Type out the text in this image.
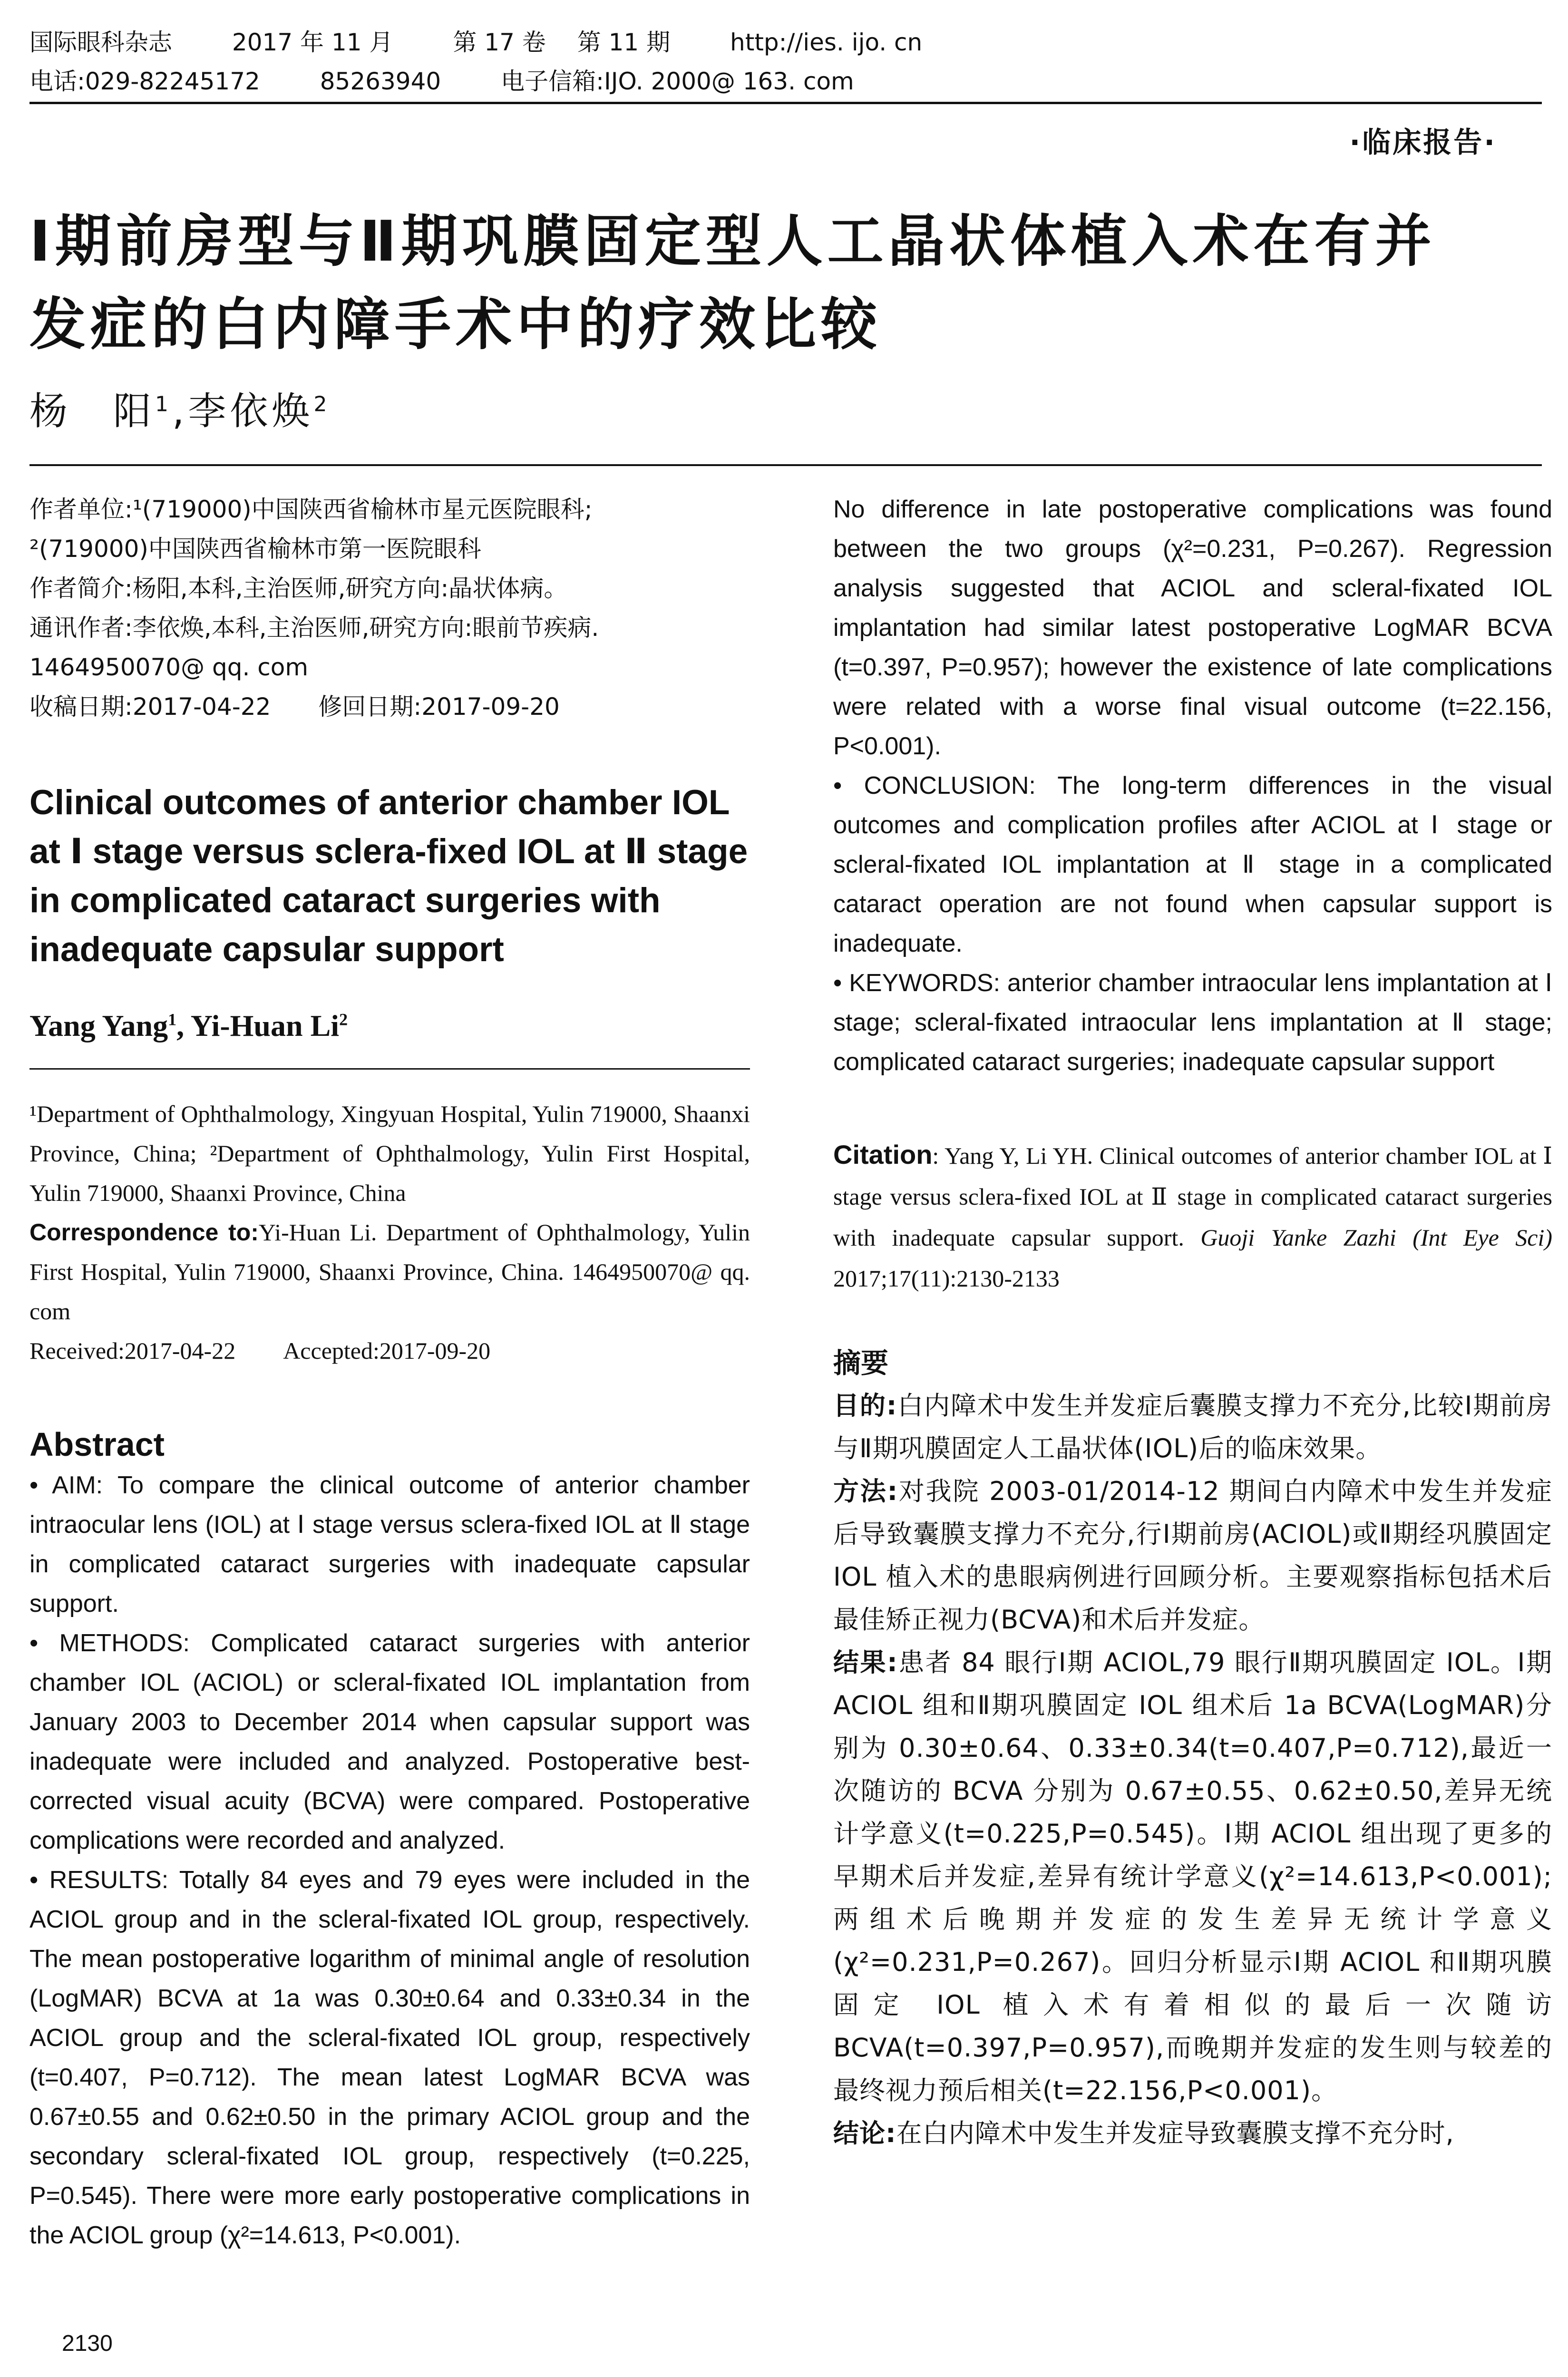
国际眼科杂志	2017 年 11 月	第 17 卷 第 11 期	http://ies. ijo. cn
电话:029-82245172	85263940	电子信箱:IJO. 2000@ 163. com
·临床报告·
Ⅰ期前房型与Ⅱ期巩膜固定型人工晶状体植入术在有并
发症的白内障手术中的疗效比较
杨　阳$^1$,李依焕$^2$
作者单位:¹(719000)中国陕西省榆林市星元医院眼科;
²(719000)中国陕西省榆林市第一医院眼科
作者简介:杨阳,本科,主治医师,研究方向:晶状体病。
通讯作者:李依焕,本科,主治医师,研究方向:眼前节疾病.
1464950070@ qq. com
收稿日期:2017-04-22　　修回日期:2017-09-20
Clinical outcomes of anterior chamber IOL at Ⅰ stage versus sclera-fixed IOL at Ⅱ stage in complicated cataract surgeries with inadequate capsular support
Yang Yang$^1$, Yi-Huan Li$^2$
¹Department of Ophthalmology, Xingyuan Hospital, Yulin 719000, Shaanxi Province, China; ²Department of Ophthalmology, Yulin First Hospital, Yulin 719000, Shaanxi Province, China
Correspondence to:Yi-Huan Li. Department of Ophthalmology, Yulin First Hospital, Yulin 719000, Shaanxi Province, China. 1464950070@ qq. com
Received:2017-04-22　　Accepted:2017-09-20
Abstract
• AIM: To compare the clinical outcome of anterior chamber intraocular lens (IOL) at Ⅰ stage versus sclera-fixed IOL at Ⅱ stage in complicated cataract surgeries with inadequate capsular support.
• METHODS: Complicated cataract surgeries with anterior chamber IOL (ACIOL) or scleral-fixated IOL implantation from January 2003 to December 2014 when capsular support was inadequate were included and analyzed. Postoperative best-corrected visual acuity (BCVA) were compared. Postoperative complications were recorded and analyzed.
• RESULTS: Totally 84 eyes and 79 eyes were included in the ACIOL group and in the scleral-fixated IOL group, respectively. The mean postoperative logarithm of minimal angle of resolution (LogMAR) BCVA at 1a was 0.30±0.64 and 0.33±0.34 in the ACIOL group and the scleral-fixated IOL group, respectively (t=0.407, P=0.712). The mean latest LogMAR BCVA was 0.67±0.55 and 0.62±0.50 in the primary ACIOL group and the secondary scleral-fixated IOL group, respectively (t=0.225, P=0.545). There were more early postoperative complications in the ACIOL group (χ²=14.613, P<0.001).
No difference in late postoperative complications was found between the two groups (χ²=0.231, P=0.267). Regression analysis suggested that ACIOL and scleral-fixated IOL implantation had similar latest postoperative LogMAR BCVA (t=0.397, P=0.957); however the existence of late complications were related with a worse final visual outcome (t=22.156, P<0.001).
• CONCLUSION: The long-term differences in the visual outcomes and complication profiles after ACIOL at Ⅰ stage or scleral-fixated IOL implantation at Ⅱ stage in a complicated cataract operation are not found when capsular support is inadequate.
• KEYWORDS: anterior chamber intraocular lens implantation at Ⅰ stage; scleral-fixated intraocular lens implantation at Ⅱ stage; complicated cataract surgeries; inadequate capsular support
Citation: Yang Y, Li YH. Clinical outcomes of anterior chamber IOL at Ⅰ stage versus sclera-fixed IOL at Ⅱ stage in complicated cataract surgeries with inadequate capsular support. Guoji Yanke Zazhi (Int Eye Sci) 2017;17(11):2130-2133
摘要
目的:白内障术中发生并发症后囊膜支撑力不充分,比较Ⅰ期前房与Ⅱ期巩膜固定人工晶状体(IOL)后的临床效果。
方法:对我院 2003-01/2014-12 期间白内障术中发生并发症后导致囊膜支撑力不充分,行Ⅰ期前房(ACIOL)或Ⅱ期经巩膜固定 IOL 植入术的患眼病例进行回顾分析。主要观察指标包括术后最佳矫正视力(BCVA)和术后并发症。
结果:患者 84 眼行Ⅰ期 ACIOL,79 眼行Ⅱ期巩膜固定 IOL。Ⅰ期 ACIOL 组和Ⅱ期巩膜固定 IOL 组术后 1a BCVA(LogMAR)分别为 0.30±0.64、0.33±0.34(t=0.407,P=0.712),最近一次随访的 BCVA 分别为 0.67±0.55、0.62±0.50,差异无统计学意义(t=0.225,P=0.545)。Ⅰ期 ACIOL 组出现了更多的早期术后并发症,差异有统计学意义(χ²=14.613,P<0.001);两组术后晚期并发症的发生差异无统计学意义(χ²=0.231,P=0.267)。回归分析显示Ⅰ期 ACIOL 和Ⅱ期巩膜固定 IOL 植入术有着相似的最后一次随访 BCVA(t=0.397,P=0.957),而晚期并发症的发生则与较差的最终视力预后相关(t=22.156,P<0.001)。
结论:在白内障术中发生并发症导致囊膜支撑不充分时,
2130
